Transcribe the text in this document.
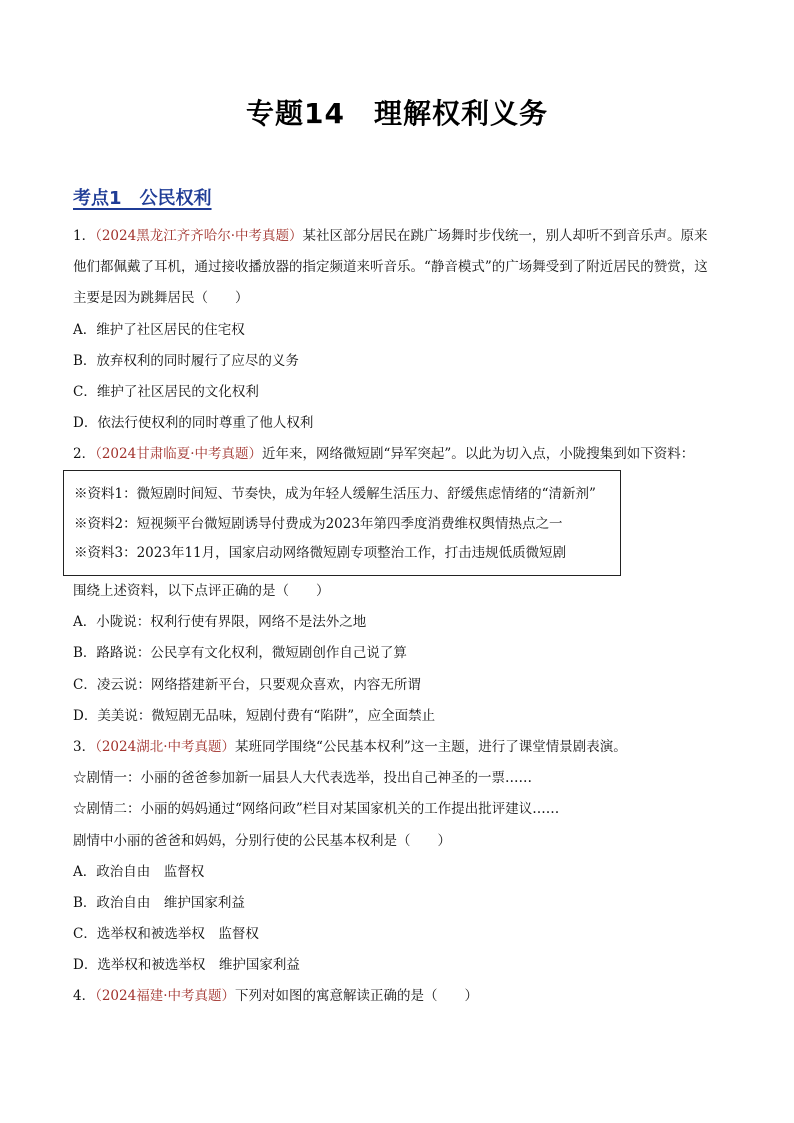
专题14　理解权利义务
考点1　公民权利
1．（2024黑龙江齐齐哈尔·中考真题）某社区部分居民在跳广场舞时步伐统一，别人却听不到音乐声。原来
他们都佩戴了耳机，通过接收播放器的指定频道来听音乐。“静音模式”的广场舞受到了附近居民的赞赏，这
主要是因为跳舞居民（　　）
A．维护了社区居民的住宅权
B．放弃权利的同时履行了应尽的义务
C．维护了社区居民的文化权利
D．依法行使权利的同时尊重了他人权利
2．（2024甘肃临夏·中考真题）近年来，网络微短剧“异军突起”。以此为切入点，小陇搜集到如下资料：
※资料1：微短剧时间短、节奏快，成为年轻人缓解生活压力、舒缓焦虑情绪的“清新剂”
※资料2：短视频平台微短剧诱导付费成为2023年第四季度消费维权舆情热点之一
※资料3：2023年11月，国家启动网络微短剧专项整治工作，打击违规低质微短剧
围绕上述资料，以下点评正确的是（　　）
A．小陇说：权利行使有界限，网络不是法外之地
B．路路说：公民享有文化权利，微短剧创作自己说了算
C．凌云说：网络搭建新平台，只要观众喜欢，内容无所谓
D．美美说：微短剧无品味，短剧付费有“陷阱”，应全面禁止
3．（2024湖北·中考真题）某班同学围绕“公民基本权利”这一主题，进行了课堂情景剧表演。
☆剧情一：小丽的爸爸参加新一届县人大代表选举，投出自己神圣的一票……
☆剧情二：小丽的妈妈通过“网络问政”栏目对某国家机关的工作提出批评建议……
剧情中小丽的爸爸和妈妈，分别行使的公民基本权利是（　　）
A．政治自由　监督权
B．政治自由　维护国家利益
C．选举权和被选举权　监督权
D．选举权和被选举权　维护国家利益
4．（2024福建·中考真题）下列对如图的寓意解读正确的是（　　）
